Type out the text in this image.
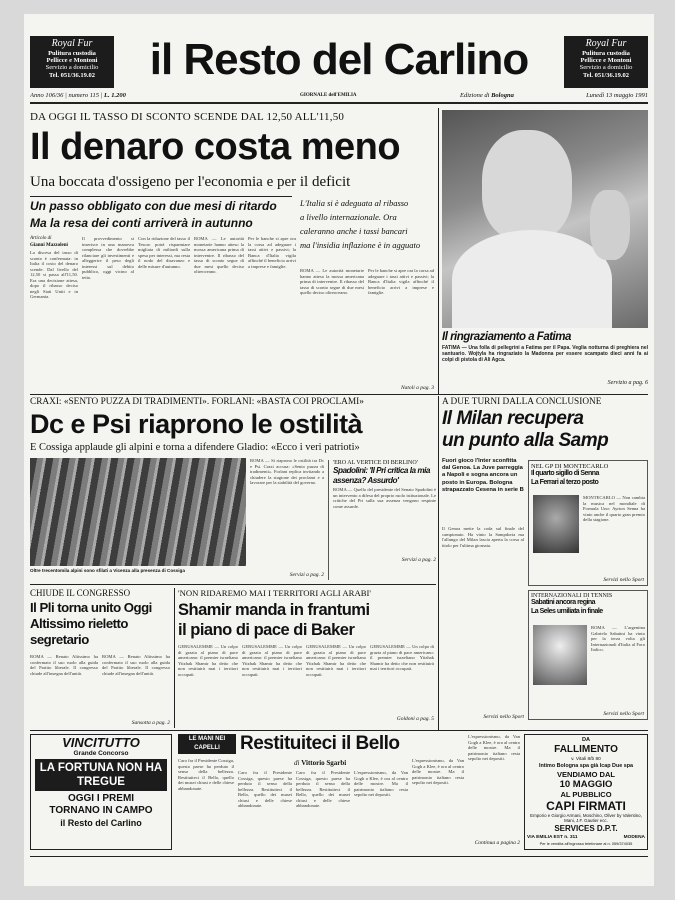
Royal Fur
Pulitura custodia
Pellicce e Montoni
Servizio a domicilio
Tel. 051/36.19.02	il Resto del Carlino	Royal Fur
Pulitura custodia
Pellicce e Montoni
Servizio a domicilio
Tel. 051/36.19.02
Anno 106/36 | numero 115 | L. 1.200	GIORNALE dell'EMILIA	Edizione di Bologna	Lunedì 13 maggio 1991
DA OGGI IL TASSO DI SCONTO SCENDE DAL 12,50 ALL'11,50
Il denaro costa meno
Una boccata d'ossigeno per l'economia e per il deficit
Un passo obbligato con due mesi di ritardo
Ma la resa dei conti arriverà in autunno
Articolo di
Gianni Mazzoleni
La discesa del tasso di sconto è confermata: in Italia il costo del denaro scende. Dal livello del 12,50 si passa all'11,50. Era una decisione attesa, dopo il ribasso deciso negli Stati Uniti e in Germania.
Il provvedimento si inserisce in una manovra complessa che dovrebbe rilanciare gli investimenti e alleggerire il peso degli interessi sul debito pubblico, oggi vicino al tetto.
Con la riduzione del tasso il Tesoro potrà risparmiare migliaia di miliardi sulla spesa per interessi, ma resta il nodo del disavanzo e delle misure d'autunno.
ROMA — Le autorità monetarie hanno atteso la mossa americana prima di intervenire. Il ribasso del tasso di sconto segue di due mesi quello deciso oltreoceano.
Per le banche si apre ora la corsa ad adeguare i tassi attivi e passivi; la Banca d'Italia vigila affinché il beneficio arrivi a imprese e famiglie.
L'Italia si è adeguata al ribasso
a livello internazionale. Ora
caleranno anche i tassi bancari
ma l'insidia inflazione è in agguato
ROMA — Le autorità monetarie hanno atteso la mossa americana prima di intervenire. Il ribasso del tasso di sconto segue di due mesi quello deciso oltreoceano.
Per le banche si apre ora la corsa ad adeguare i tassi attivi e passivi; la Banca d'Italia vigila affinché il beneficio arrivi a imprese e famiglie.
Natoli a pag. 3
Il ringraziamento a Fatima
FATIMA — Una folla di pellegrini a Fatima per il Papa. Veglia notturna di preghiera nel santuario. Wojtyla ha ringraziato la Madonna per essere scampato dieci anni fa ai colpi di pistola di Ali Agca.
Servizio a pag. 6
CRAXI: «SENTO PUZZA DI TRADIMENTI». FORLANI: «BASTA COI PROCLAMI»
Dc e Psi riaprono le ostilità
E Cossiga applaude gli alpini e torna a difendere Gladio: «Ecco i veri patrioti»
Oltre trecentomila alpini sono sfilati a Vicenza alla presenza di Cossiga
ROMA — Si riaprono le ostilità tra Dc e Psi. Craxi accusa: «Sento puzza di tradimenti». Forlani replica invitando a chiudere la stagione dei proclami e a lavorare per la stabilità del governo.
Servizi a pag. 2
'ERO AL VERTICE DI BERLINO'
Spadolini: 'Il Pri critica la mia assenza? Assurdo'
ROMA — Quello del presidente del Senato Spadolini è un intervento a difesa del proprio ruolo istituzionale. Le critiche del Pri sulla sua assenza vengono respinte come assurde.
Servizi a pag. 2
A DUE TURNI DALLA CONCLUSIONE
Il Milan recupera
un punto alla Samp
Fuori gioco l'Inter sconfitta dal Genoa. La Juve parreggia a Napoli e sogna ancora un posto in Europa. Bologna strapazzato Cesena in serie B
Il Genoa mette la coda sul finale del campionato. Ha vinto la Sampdoria ma l'allungo del Milan lascia aperta la corsa al titolo per l'ultima giornata.
Servizi nello Sport
NEL GP DI MONTECARLO
Il quarto sigillo di Senna
La Ferrari al terzo posto
MONTECARLO — Non cambia la musica nel mondiale di Formula Uno: Ayrton Senna ha vinto anche il quarto gran premio della stagione.
Servizi nello Sport
INTERNAZIONALI DI TENNIS
Sabatini ancora regina
La Seles umiliata in finale
ROMA — L'argentina Gabriela Sabatini ha vinto per la terza volta gli Internazionali d'Italia al Foro Italico.
Servizi nello Sport
CHIUDE IL CONGRESSO
Il Pli torna unito Oggi Altissimo rieletto segretario
ROMA — Renato Altissimo ha confermato il suo ruolo alla guida del Partito liberale. Il congresso chiude all'insegna dell'unità.
ROMA — Renato Altissimo ha confermato il suo ruolo alla guida del Partito liberale. Il congresso chiude all'insegna dell'unità.
Sansotta a pag. 2
'NON RIDAREMO MAI I TERRITORI AGLI ARABI'
Shamir manda in frantumi
il piano di pace di Baker
GERUSALEMME — Un colpo di grazia al piano di pace americano: il premier israeliano Yitzhak Shamir ha detto che non restituirà mai i territori occupati.
GERUSALEMME — Un colpo di grazia al piano di pace americano: il premier israeliano Yitzhak Shamir ha detto che non restituirà mai i territori occupati.
GERUSALEMME — Un colpo di grazia al piano di pace americano: il premier israeliano Yitzhak Shamir ha detto che non restituirà mai i territori occupati.
GERUSALEMME — Un colpo di grazia al piano di pace americano: il premier israeliano Yitzhak Shamir ha detto che non restituirà mai i territori occupati.
Goldoni a pag. 5
VINCITUTTO
Grande Concorso
LA FORTUNA NON HA TREGUE
OGGI I PREMI
TORNANO IN CAMPO
il Resto del Carlino
LE MANI NEI CAPELLI	Restituiteci il Bello
di Vittorio Sgarbi
Caro fra il Presidente Cossiga, questo paese ha perduto il senso della bellezza. Restituiteci il Bello, quello dei musei chiusi e delle chiese abbandonate.
Caro fra il Presidente Cossiga, questo paese ha perduto il senso della bellezza. Restituiteci il Bello, quello dei musei chiusi e delle chiese abbandonate.
Caro fra il Presidente Cossiga, questo paese ha perduto il senso della bellezza. Restituiteci il Bello, quello dei musei chiusi e delle chiese abbandonate.
L'espressionismo, da Van Gogh a Klee, è ora al centro delle mostre. Ma il patrimonio italiano resta sepolto nei depositi.
L'espressionismo, da Van Gogh a Klee, è ora al centro delle mostre. Ma il patrimonio italiano resta sepolto nei depositi.
L'espressionismo, da Van Gogh a Klee, è ora al centro delle mostre. Ma il patrimonio italiano resta sepolto nei depositi.
Continua a pagina 2
DA
FALLIMENTO
v. Vitali 8/b 80
Intimo Bologna spa già Icap Due spa
VENDIAMO DAL
10 MAGGIO
AL PUBBLICO
CAPI FIRMATI
Emporio e Giorgio Armani, Moschino, Oliver by Valentino, Mani, J.F. Gautier ecc.
SERVICES D.P.T.
VIA EMILIA EST n. 311	MODENA
Per le vendita all'ingrosso telefonare al n. 059/374035
